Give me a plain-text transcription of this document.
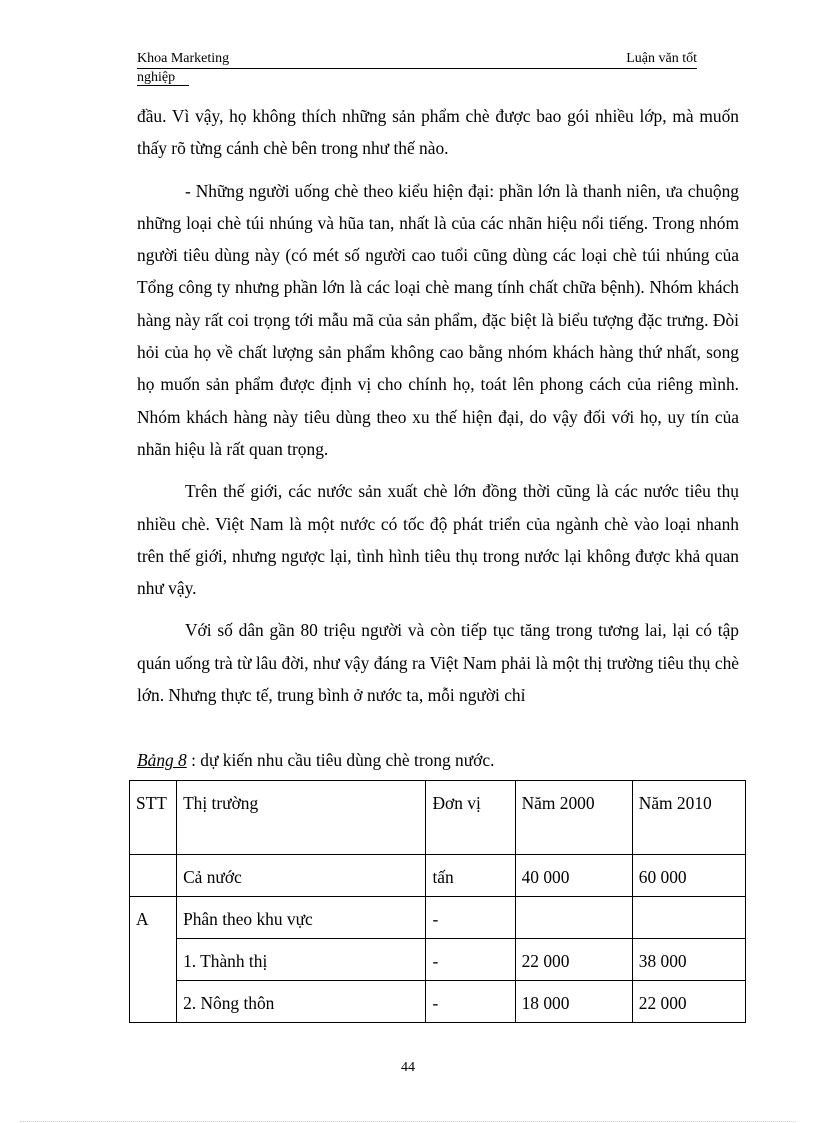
Khoa Marketing	Luận văn tốt
nghiệp

đầu. Vì vậy, họ không thích những sản phẩm chè được bao gói nhiều lớp, mà muốn thấy rõ từng cánh chè bên trong như thế nào.

- Những người uống chè theo kiểu hiện đại: phần lớn là thanh niên, ưa chuộng những loại chè túi nhúng và hũa tan, nhất là của các nhãn hiệu nổi tiếng. Trong nhóm người tiêu dùng này (có mét số người cao tuổi cũng dùng các loại chè túi nhúng của Tổng công ty nhưng phần lớn là các loại chè mang tính chất chữa bệnh). Nhóm khách hàng này rất coi trọng tới mẫu mã của sản phẩm, đặc biệt là biểu tượng đặc trưng. Đòi hỏi của họ về chất lượng sản phẩm không cao bằng nhóm khách hàng thứ nhất, song họ muốn sản phẩm được định vị cho chính họ, toát lên phong cách của riêng mình. Nhóm khách hàng này tiêu dùng theo xu thế hiện đại, do vậy đối với họ, uy tín của nhãn hiệu là rất quan trọng.

Trên thế giới, các nước sản xuất chè lớn đồng thời cũng là các nước tiêu thụ nhiều chè. Việt Nam là một nước có tốc độ phát triển của ngành chè vào loại nhanh trên thế giới, nhưng ngược lại, tình hình tiêu thụ trong nước lại không được khả quan như vậy.

Với số dân gần 80 triệu người và còn tiếp tục tăng trong tương lai, lại có tập quán uống trà từ lâu đời, như vậy đáng ra Việt Nam phải là một thị trường tiêu thụ chè lớn. Nhưng thực tế, trung bình ở nước ta, mỗi người chỉ

Bảng 8 : dự kiến nhu cầu tiêu dùng chè trong nước.
STT	Thị trường	Đơn vị	Năm 2000	Năm 2010
	Cả nước	tấn	40 000	60 000
A	Phân theo khu vực	-		
	1. Thành thị	-	22 000	38 000
	2. Nông thôn	-	18 000	22 000
44
